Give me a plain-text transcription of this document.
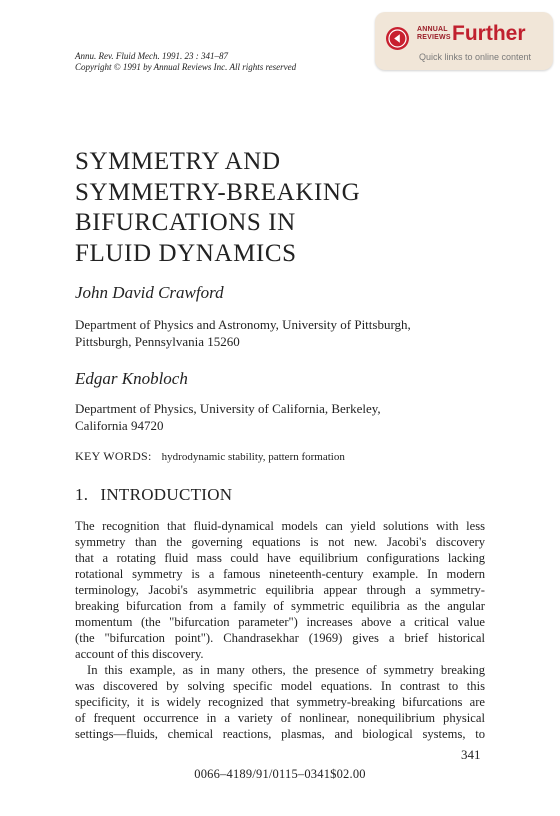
ANNUAL
REVIEWS Further
Quick links to online content
Annu. Rev. Fluid Mech. 1991. 23 : 341–87
Copyright © 1991 by Annual Reviews Inc. All rights reserved
SYMMETRY AND
SYMMETRY-BREAKING
BIFURCATIONS IN
FLUID DYNAMICS
John David Crawford
Department of Physics and Astronomy, University of Pittsburgh,
Pittsburgh, Pennsylvania 15260
Edgar Knobloch
Department of Physics, University of California, Berkeley,
California 94720
KEY WORDS: hydrodynamic stability, pattern formation
1. INTRODUCTION
The recognition that fluid-dynamical models can yield solutions with less
symmetry than the governing equations is not new. Jacobi's discovery
that a rotating fluid mass could have equilibrium configurations lacking
rotational symmetry is a famous nineteenth-century example. In modern
terminology, Jacobi's asymmetric equilibria appear through a symmetry-
breaking bifurcation from a family of symmetric equilibria as the angular
momentum (the "bifurcation parameter") increases above a critical value
(the "bifurcation point"). Chandrasekhar (1969) gives a brief historical
account of this discovery.
In this example, as in many others, the presence of symmetry breaking
was discovered by solving specific model equations. In contrast to this
specificity, it is widely recognized that symmetry-breaking bifurcations are
of frequent occurrence in a variety of nonlinear, nonequilibrium physical
settings—fluids, chemical reactions, plasmas, and biological systems, to
341
0066–4189/91/0115–0341$02.00
